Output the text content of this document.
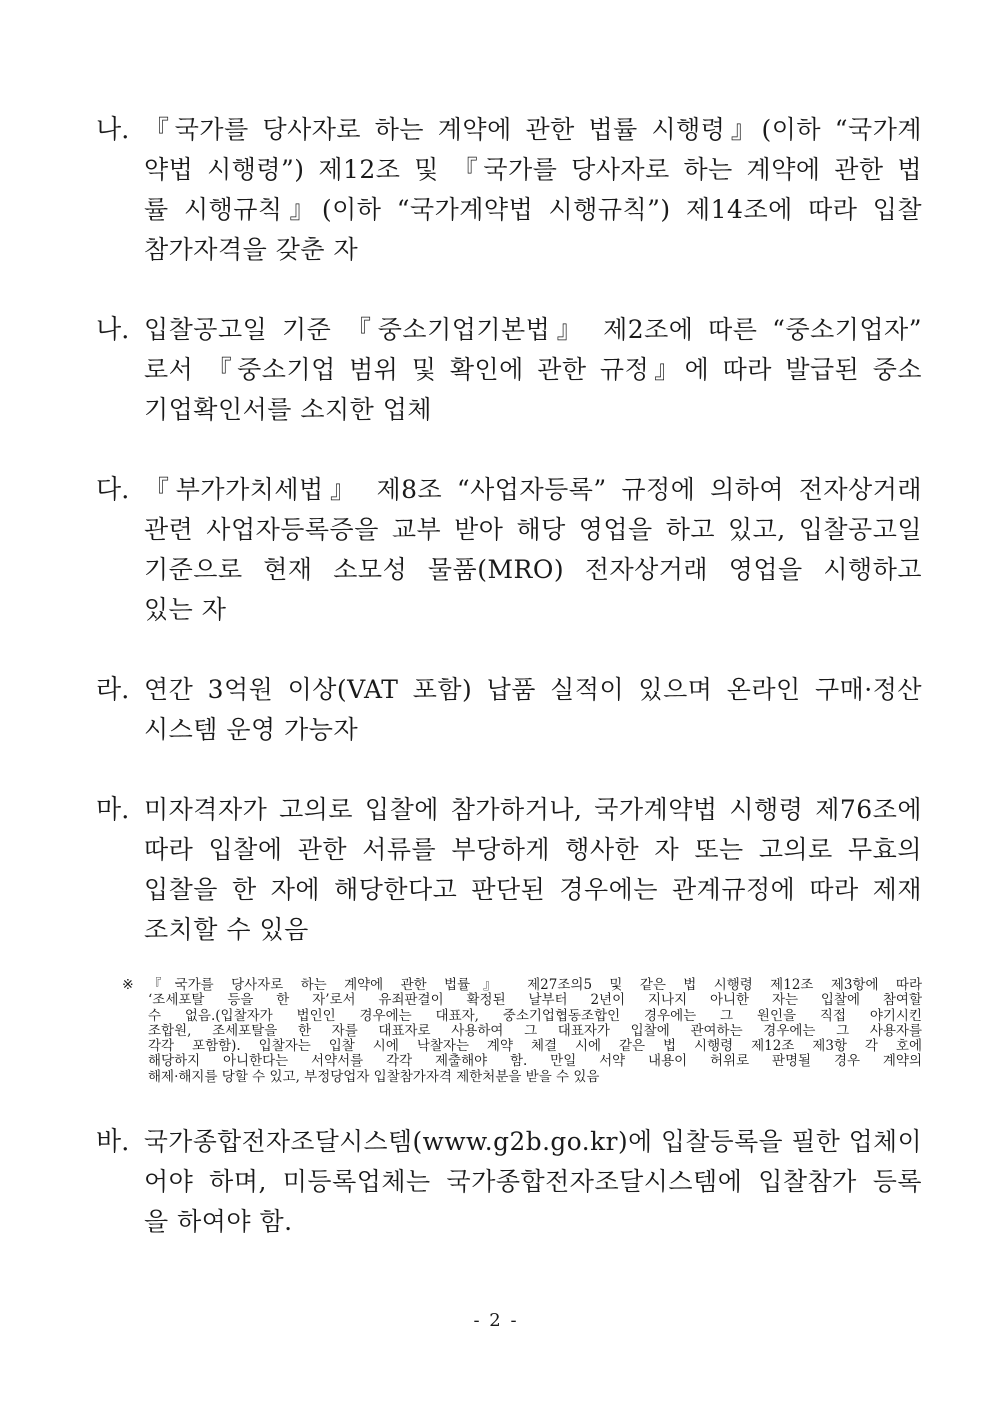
나. 『국가를 당사자로 하는 계약에 관한 법률 시행령』(이하 “국가계
약법 시행령”) 제12조 및 『국가를 당사자로 하는 계약에 관한 법
률 시행규칙』(이하 “국가계약법 시행규칙”) 제14조에 따라 입찰
참가자격을 갖춘 자
나. 입찰공고일 기준 『중소기업기본법』 제2조에 따른 “중소기업자”
로서 『중소기업 범위 및 확인에 관한 규정』에 따라 발급된 중소
기업확인서를 소지한 업체
다. 『부가가치세법』 제8조 “사업자등록” 규정에 의하여 전자상거래
관련 사업자등록증을 교부 받아 해당 영업을 하고 있고, 입찰공고일
기준으로 현재 소모성 물품(MRO) 전자상거래 영업을 시행하고
있는 자
라. 연간 3억원 이상(VAT 포함) 납품 실적이 있으며 온라인 구매·정산
시스템 운영 가능자
마. 미자격자가 고의로 입찰에 참가하거나, 국가계약법 시행령 제76조에
따라 입찰에 관한 서류를 부당하게 행사한 자 또는 고의로 무효의
입찰을 한 자에 해당한다고 판단된 경우에는 관계규정에 따라 제재
조치할 수 있음
※ 『국가를 당사자로 하는 계약에 관한 법률』 제27조의5 및 같은 법 시행령 제12조 제3항에 따라
‘조세포탈 등을 한 자’로서 유죄판결이 확정된 날부터 2년이 지나지 아니한 자는 입찰에 참여할
수 없음.(입찰자가 법인인 경우에는 대표자, 중소기업협동조합인 경우에는 그 원인을 직접 야기시킨
조합원, 조세포탈을 한 자를 대표자로 사용하여 그 대표자가 입찰에 관여하는 경우에는 그 사용자를
각각 포함함). 입찰자는 입찰 시에 낙찰자는 계약 체결 시에 같은 법 시행령 제12조 제3항 각 호에
해당하지 아니한다는 서약서를 각각 제출해야 함. 만일 서약 내용이 허위로 판명될 경우 계약의
해제·해지를 당할 수 있고, 부정당업자 입찰참가자격 제한처분을 받을 수 있음
바. 국가종합전자조달시스템(www.g2b.go.kr)에 입찰등록을 필한 업체이
어야 하며, 미등록업체는 국가종합전자조달시스템에 입찰참가 등록
을 하여야 함.
- 2 -
